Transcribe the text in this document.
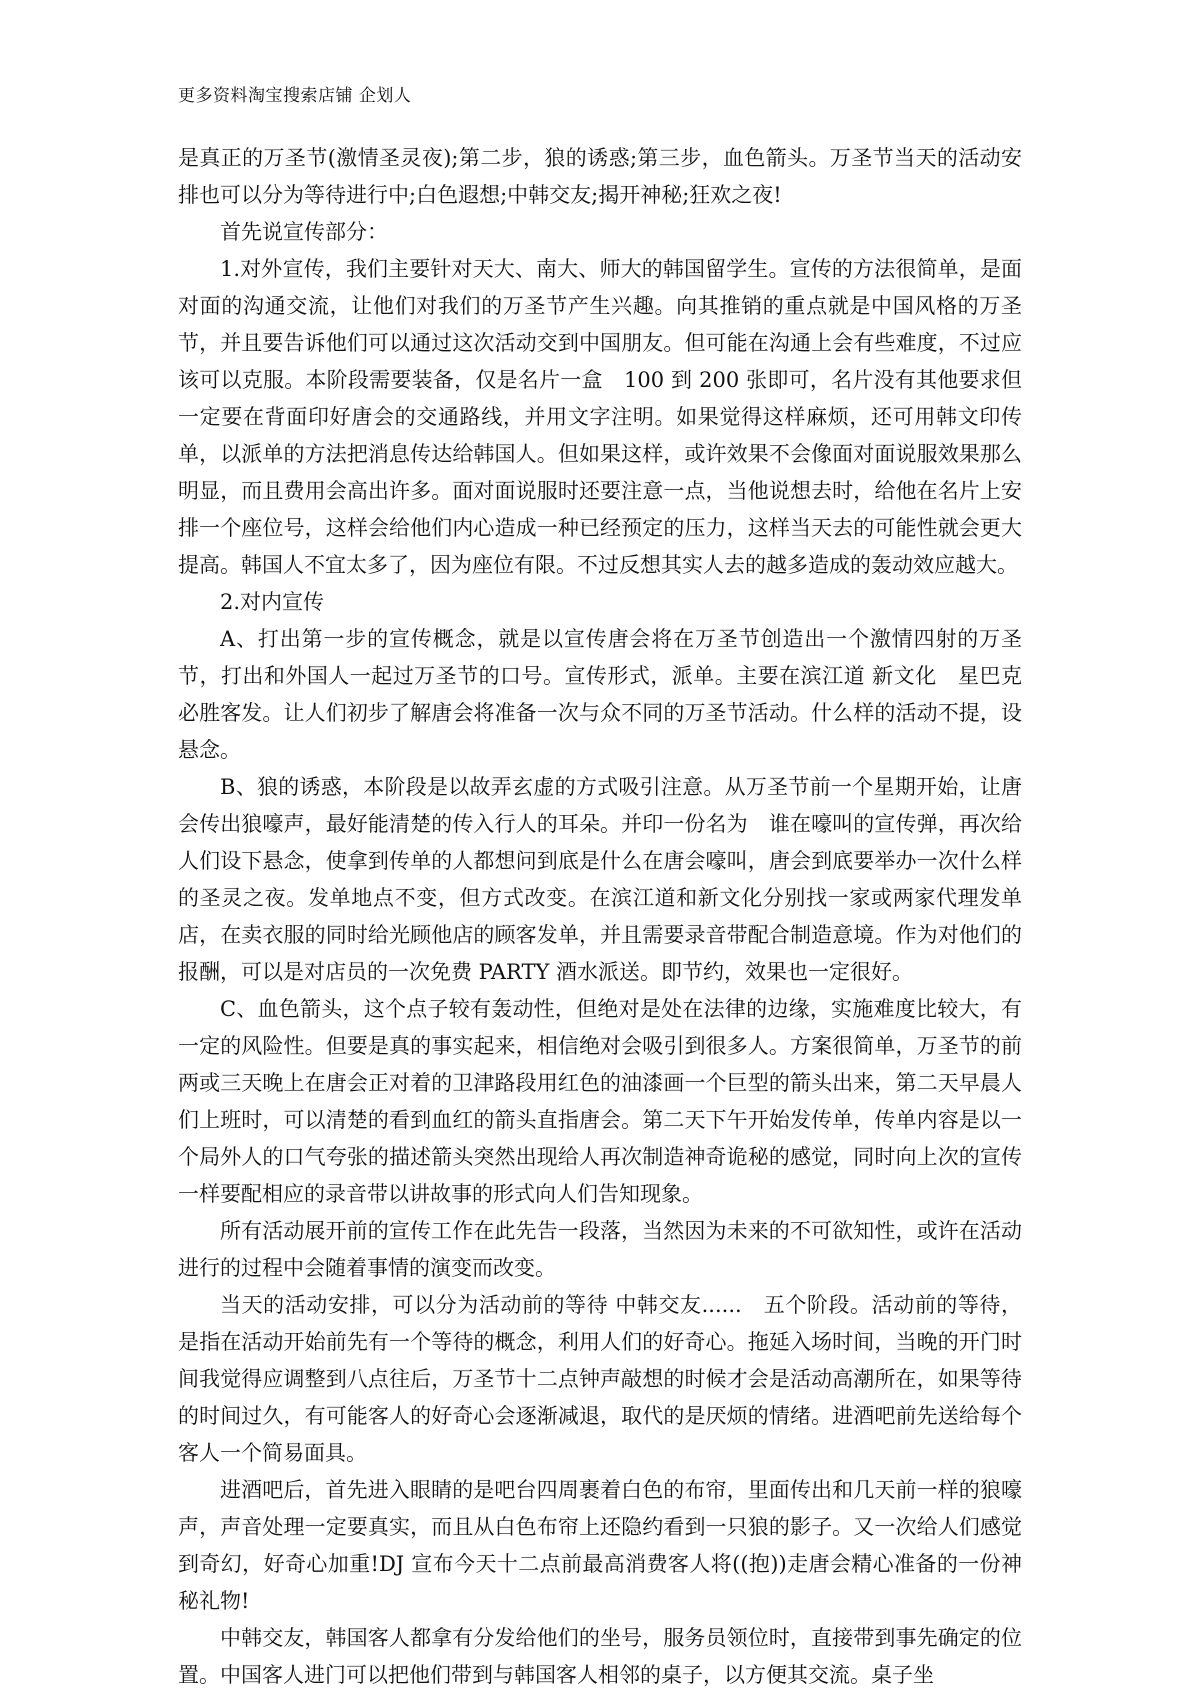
更多资料淘宝搜索店铺 企划人

是真正的万圣节(激情圣灵夜);第二步，狼的诱惑;第三步，血色箭头。万圣节当天的活动安排也可以分为等待进行中;白色遐想;中韩交友;揭开神秘;狂欢之夜!

首先说宣传部分：

1.对外宣传，我们主要针对天大、南大、师大的韩国留学生。宣传的方法很简单，是面对面的沟通交流，让他们对我们的万圣节产生兴趣。向其推销的重点就是中国风格的万圣节，并且要告诉他们可以通过这次活动交到中国朋友。但可能在沟通上会有些难度，不过应该可以克服。本阶段需要装备，仅是名片一盒　100 到 200 张即可，名片没有其他要求但一定要在背面印好唐会的交通路线，并用文字注明。如果觉得这样麻烦，还可用韩文印传单，以派单的方法把消息传达给韩国人。但如果这样，或许效果不会像面对面说服效果那么明显，而且费用会高出许多。面对面说服时还要注意一点，当他说想去时，给他在名片上安排一个座位号，这样会给他们内心造成一种已经预定的压力，这样当天去的可能性就会更大提高。韩国人不宜太多了，因为座位有限。不过反想其实人去的越多造成的轰动效应越大。

2.对内宣传

A、打出第一步的宣传概念，就是以宣传唐会将在万圣节创造出一个激情四射的万圣节，打出和外国人一起过万圣节的口号。宣传形式，派单。主要在滨江道 新文化　星巴克 必胜客发。让人们初步了解唐会将准备一次与众不同的万圣节活动。什么样的活动不提，设悬念。

B、狼的诱惑，本阶段是以故弄玄虚的方式吸引注意。从万圣节前一个星期开始，让唐会传出狼嚎声，最好能清楚的传入行人的耳朵。并印一份名为　谁在嚎叫的宣传弹，再次给人们设下悬念，使拿到传单的人都想问到底是什么在唐会嚎叫，唐会到底要举办一次什么样的圣灵之夜。发单地点不变，但方式改变。在滨江道和新文化分别找一家或两家代理发单店，在卖衣服的同时给光顾他店的顾客发单，并且需要录音带配合制造意境。作为对他们的报酬，可以是对店员的一次免费 PARTY 酒水派送。即节约，效果也一定很好。

C、血色箭头，这个点子较有轰动性，但绝对是处在法律的边缘，实施难度比较大，有一定的风险性。但要是真的事实起来，相信绝对会吸引到很多人。方案很简单，万圣节的前两或三天晚上在唐会正对着的卫津路段用红色的油漆画一个巨型的箭头出来，第二天早晨人们上班时，可以清楚的看到血红的箭头直指唐会。第二天下午开始发传单，传单内容是以一个局外人的口气夸张的描述箭头突然出现给人再次制造神奇诡秘的感觉，同时向上次的宣传一样要配相应的录音带以讲故事的形式向人们告知现象。

所有活动展开前的宣传工作在此先告一段落，当然因为未来的不可欲知性，或许在活动进行的过程中会随着事情的演变而改变。

当天的活动安排，可以分为活动前的等待 中韩交友......　五个阶段。活动前的等待，是指在活动开始前先有一个等待的概念，利用人们的好奇心。拖延入场时间，当晚的开门时间我觉得应调整到八点往后，万圣节十二点钟声敲想的时候才会是活动高潮所在，如果等待的时间过久，有可能客人的好奇心会逐渐减退，取代的是厌烦的情绪。进酒吧前先送给每个客人一个简易面具。

进酒吧后，首先进入眼睛的是吧台四周裹着白色的布帘，里面传出和几天前一样的狼嚎声，声音处理一定要真实，而且从白色布帘上还隐约看到一只狼的影子。又一次给人们感觉到奇幻，好奇心加重!DJ 宣布今天十二点前最高消费客人将((抱))走唐会精心准备的一份神秘礼物!

中韩交友，韩国客人都拿有分发给他们的坐号，服务员领位时，直接带到事先确定的位置。中国客人进门可以把他们带到与韩国客人相邻的桌子，以方便其交流。桌子坐
